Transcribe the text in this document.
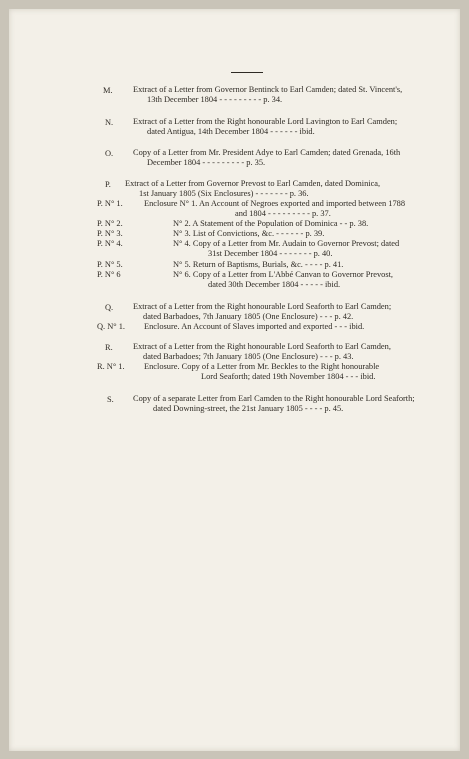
M. Extract of a Letter from Governor Bentinck to Earl Camden; dated St. Vincent's,
13th December 1804 - - - - - - - - - p. 34.
N. Extract of a Letter from the Right honourable Lord Lavington to Earl Camden;
dated Antigua, 14th December 1804 - - - - - - ibid.
O. Copy of a Letter from Mr. President Adye to Earl Camden; dated Grenada, 16th
December 1804 - - - - - - - - - p. 35.
P. Extract of a Letter from Governor Prevost to Earl Camden, dated Dominica,
1st January 1805 (Six Enclosures) - - - - - - - p. 36.
P. N° 1.	Enclosure N° 1. An Account of Negroes exported and imported between 1788
and 1804 - - - - - - - - - p. 37.
P. N° 2.	N° 2. A Statement of the Population of Dominica - - p. 38.
P. N° 3.	N° 3. List of Convictions, &c. - - - - - - p. 39.
P. N° 4.	N° 4. Copy of a Letter from Mr. Audain to Governor Prevost; dated
31st December 1804 - - - - - - - p. 40.
P. N° 5.	N° 5. Return of Baptisms, Burials, &c. - - - - p. 41.
P. N° 6	N° 6. Copy of a Letter from L'Abbé Canvan to Governor Prevost,
dated 30th December 1804 - - - - - ibid.
Q. Extract of a Letter from the Right honourable Lord Seaforth to Earl Camden;
dated Barbadoes, 7th January 1805 (One Enclosure) - - - p. 42.
Q. N° 1. Enclosure. An Account of Slaves imported and exported - - - ibid.
R. Extract of a Letter from the Right honourable Lord Seaforth to Earl Camden,
dated Barbadoes; 7th January 1805 (One Enclosure) - - - p. 43.
R. N° 1. Enclosure. Copy of a Letter from Mr. Beckles to the Right honourable
Lord Seaforth; dated 19th November 1804 - - - ibid.
S. Copy of a separate Letter from Earl Camden to the Right honourable Lord Seaforth;
dated Downing-street, the 21st January 1805 - - - - p. 45.
